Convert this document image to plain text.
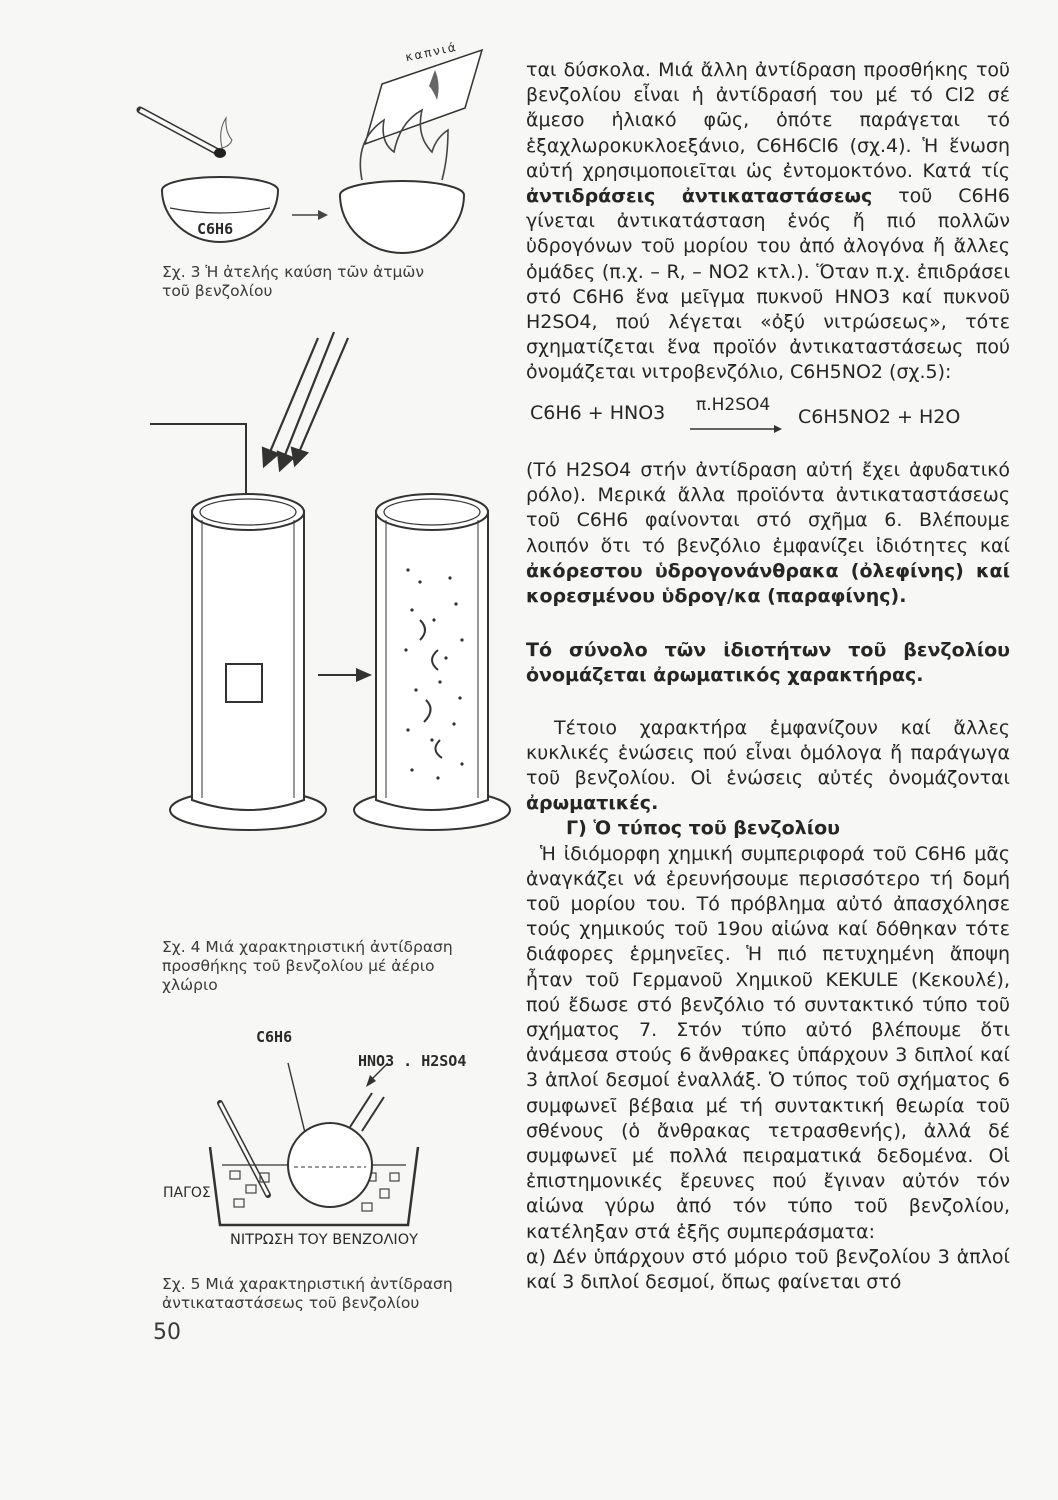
καπνιά
C6H6
Σχ. 3 Ἡ ἀτελής καύση τῶν ἀτμῶν
τοῦ βενζολίου
Σχ. 4 Μιά χαρακτηριστική ἀντίδραση
προσθήκης τοῦ βενζολίου μέ ἀέριο
χλώριο
C6H6
HNO3 . H2SO4
ΠΑΓΟΣ
ΝΙΤΡΩΣΗ ΤΟΥ ΒΕΝΖΟΛΙΟΥ
Σχ. 5 Μιά χαρακτηριστική ἀντίδραση
ἀντικαταστάσεως τοῦ βενζολίου
50

ται δύσκολα. Μιά ἄλλη ἀντίδραση προσθήκης τοῦ βενζολίου εἶναι ἡ ἀντίδρασή του μέ τό Cl2 σέ ἄμεσο ἡλιακό φῶς, ὁπότε παράγεται τό ἑξαχλωροκυκλοεξάνιο, C6H6Cl6 (σχ.4). Ἡ ἕνωση αὐτή χρησιμοποιεῖται ὡς ἐντομοκτόνο. Κατά τίς ἀντιδράσεις ἀντικαταστάσεως τοῦ C6H6 γίνεται ἀντικατάσταση ἑνός ἤ πιό πολλῶν ὑδρογόνων τοῦ μορίου του ἀπό ἀλογόνα ἤ ἄλλες ὁμάδες (π.χ. – R, – NO2 κτλ.). Ὅταν π.χ. ἐπιδράσει στό C6H6 ἕνα μεῖγμα πυκνοῦ HNO3 καί πυκνοῦ H2SO4, πού λέγεται «ὀξύ νιτρώσεως», τότε σχηματίζεται ἕνα προϊόν ἀντικαταστάσεως πού ὀνομάζεται νιτροβενζόλιο, C6H5NO2 (σχ.5):

C6H6 + HNO3 π.H2SO4
C6H5NO2 + H2O

(Τό H2SO4 στήν ἀντίδραση αὐτή ἔχει ἀφυδατικό ρόλο). Μερικά ἄλλα προϊόντα ἀντικαταστάσεως τοῦ C6H6 φαίνονται στό σχῆμα 6. Βλέπουμε λοιπόν ὅτι τό βενζόλιο ἐμφανίζει ἰδιότητες καί ἀκόρεστου ὑδρογονάνθρακα (ὀλεφίνης) καί κορεσμένου ὑδρογ/κα (παραφίνης).

Τό σύνολο τῶν ἰδιοτήτων τοῦ βενζολίου ὀνομάζεται ἀρωματικός χαρακτήρας.

Τέτοιο χαρακτήρα ἐμφανίζουν καί ἄλλες κυκλικές ἑνώσεις πού εἶναι ὁμόλογα ἤ παράγωγα τοῦ βενζολίου. Οἱ ἑνώσεις αὐτές ὀνομάζονται ἀρωματικές.

Γ) Ὁ τύπος τοῦ βενζολίου

Ἡ ἰδιόμορφη χημική συμπεριφορά τοῦ C6H6 μᾶς ἀναγκάζει νά ἐρευνήσουμε περισσότερο τή δομή τοῦ μορίου του. Τό πρόβλημα αὐτό ἀπασχόλησε τούς χημικούς τοῦ 19ου αἰώνα καί δόθηκαν τότε διάφορες ἑρμηνεῖες. Ἡ πιό πετυχημένη ἄποψη ἦταν τοῦ Γερμανοῦ Χημικοῦ KEKULE (Κεκουλέ), πού ἔδωσε στό βενζόλιο τό συντακτικό τύπο τοῦ σχήματος 7. Στόν τύπο αὐτό βλέπουμε ὅτι ἀνάμεσα στούς 6 ἄνθρακες ὑπάρχουν 3 διπλοί καί 3 ἁπλοί δεσμοί ἐναλλάξ. Ὁ τύπος τοῦ σχήματος 6 συμφωνεῖ βέβαια μέ τή συντακτική θεωρία τοῦ σθένους (ὁ ἄνθρακας τετρασθενής), ἀλλά δέ συμφωνεῖ μέ πολλά πειραματικά δεδομένα. Οἱ ἐπιστημονικές ἔρευνες πού ἔγιναν αὐτόν τόν αἰώνα γύρω ἀπό τόν τύπο τοῦ βενζολίου, κατέληξαν στά ἑξῆς συμπεράσματα:

α) Δέν ὑπάρχουν στό μόριο τοῦ βενζολίου 3 ἁπλοί καί 3 διπλοί δεσμοί, ὅπως φαίνεται στό
